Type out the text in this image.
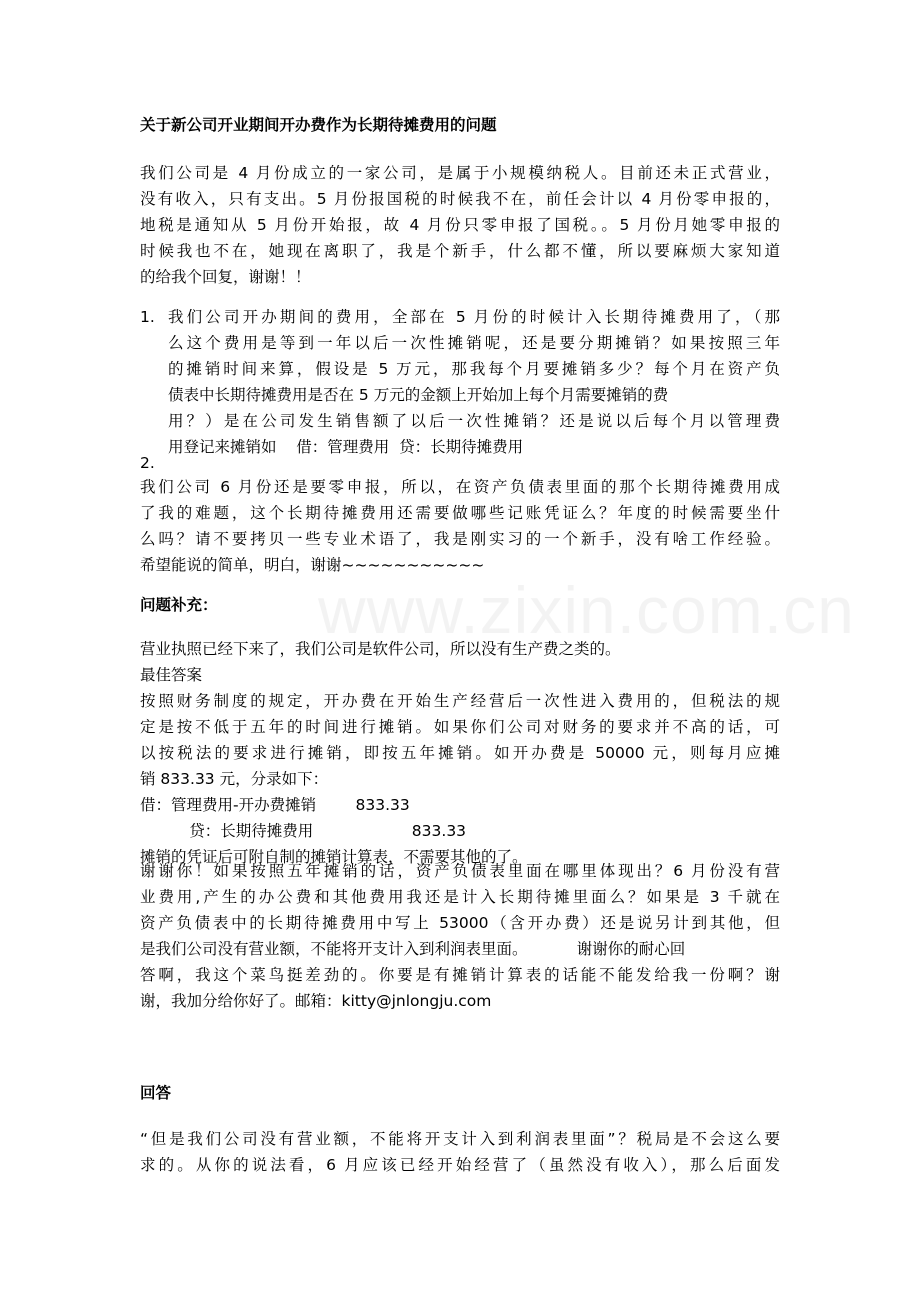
关于新公司开业期间开办费作为长期待摊费用的问题

我们公司是 4 月份成立的一家公司，是属于小规模纳税人。目前还未正式营业，
没有收入，只有支出。5 月份报国税的时候我不在，前任会计以 4 月份零申报的，
地税是通知从 5 月份开始报，故 4 月份只零申报了国税。。5 月份月她零申报的
时候我也不在，她现在离职了，我是个新手，什么都不懂，所以要麻烦大家知道
的给我个回复，谢谢！！
1. 我们公司开办期间的费用，全部在 5 月份的时候计入长期待摊费用了，（那
么这个费用是等到一年以后一次性摊销呢，还是要分期摊销？如果按照三年
的摊销时间来算，假设是 5 万元，那我每个月要摊销多少？每个月在资产负
债表中长期待摊费用是否在 5 万元的金额上开始加上每个月需要摊销的费
用？）是在公司发生销售额了以后一次性摊销？还是说以后每个月以管理费
用登记来摊销如    借：管理费用  贷：长期待摊费用

2.

我们公司 6 月份还是要零申报，所以，在资产负债表里面的那个长期待摊费用成
了我的难题，这个长期待摊费用还需要做哪些记账凭证么？年度的时候需要坐什
么吗？请不要拷贝一些专业术语了，我是刚实习的一个新手，没有啥工作经验。
希望能说的简单，明白，谢谢~~~~~~~~~~~

问题补充：

营业执照已经下来了，我们公司是软件公司，所以没有生产费之类的。
最佳答案
按照财务制度的规定，开办费在开始生产经营后一次性进入费用的，但税法的规
定是按不低于五年的时间进行摊销。如果你们公司对财务的要求并不高的话，可
以按税法的要求进行摊销，即按五年摊销。如开办费是 50000 元，则每月应摊
销 833.33 元，分录如下：
借：管理费用-开办费摊销        833.33
贷：长期待摊费用                    833.33
摊销的凭证后可附自制的摊销计算表，不需要其他的了。
谢谢你！如果按照五年摊销的话，资产负债表里面在哪里体现出？6 月份没有营
业费用,产生的办公费和其他费用我还是计入长期待摊里面么？如果是 3 千就在
资产负债表中的长期待摊费用中写上 53000（含开办费）还是说另计到其他，但
是我们公司没有营业额，不能将开支计入到利润表里面。          谢谢你的耐心回
答啊，我这个菜鸟挺差劲的。你要是有摊销计算表的话能不能发给我一份啊？谢
谢，我加分给你好了。邮箱：kitty@jnlongju.com

回答

“但是我们公司没有营业额，不能将开支计入到利润表里面”？税局是不会这么要
求的。从你的说法看，6 月应该已经开始经营了（虽然没有收入），那么后面发
